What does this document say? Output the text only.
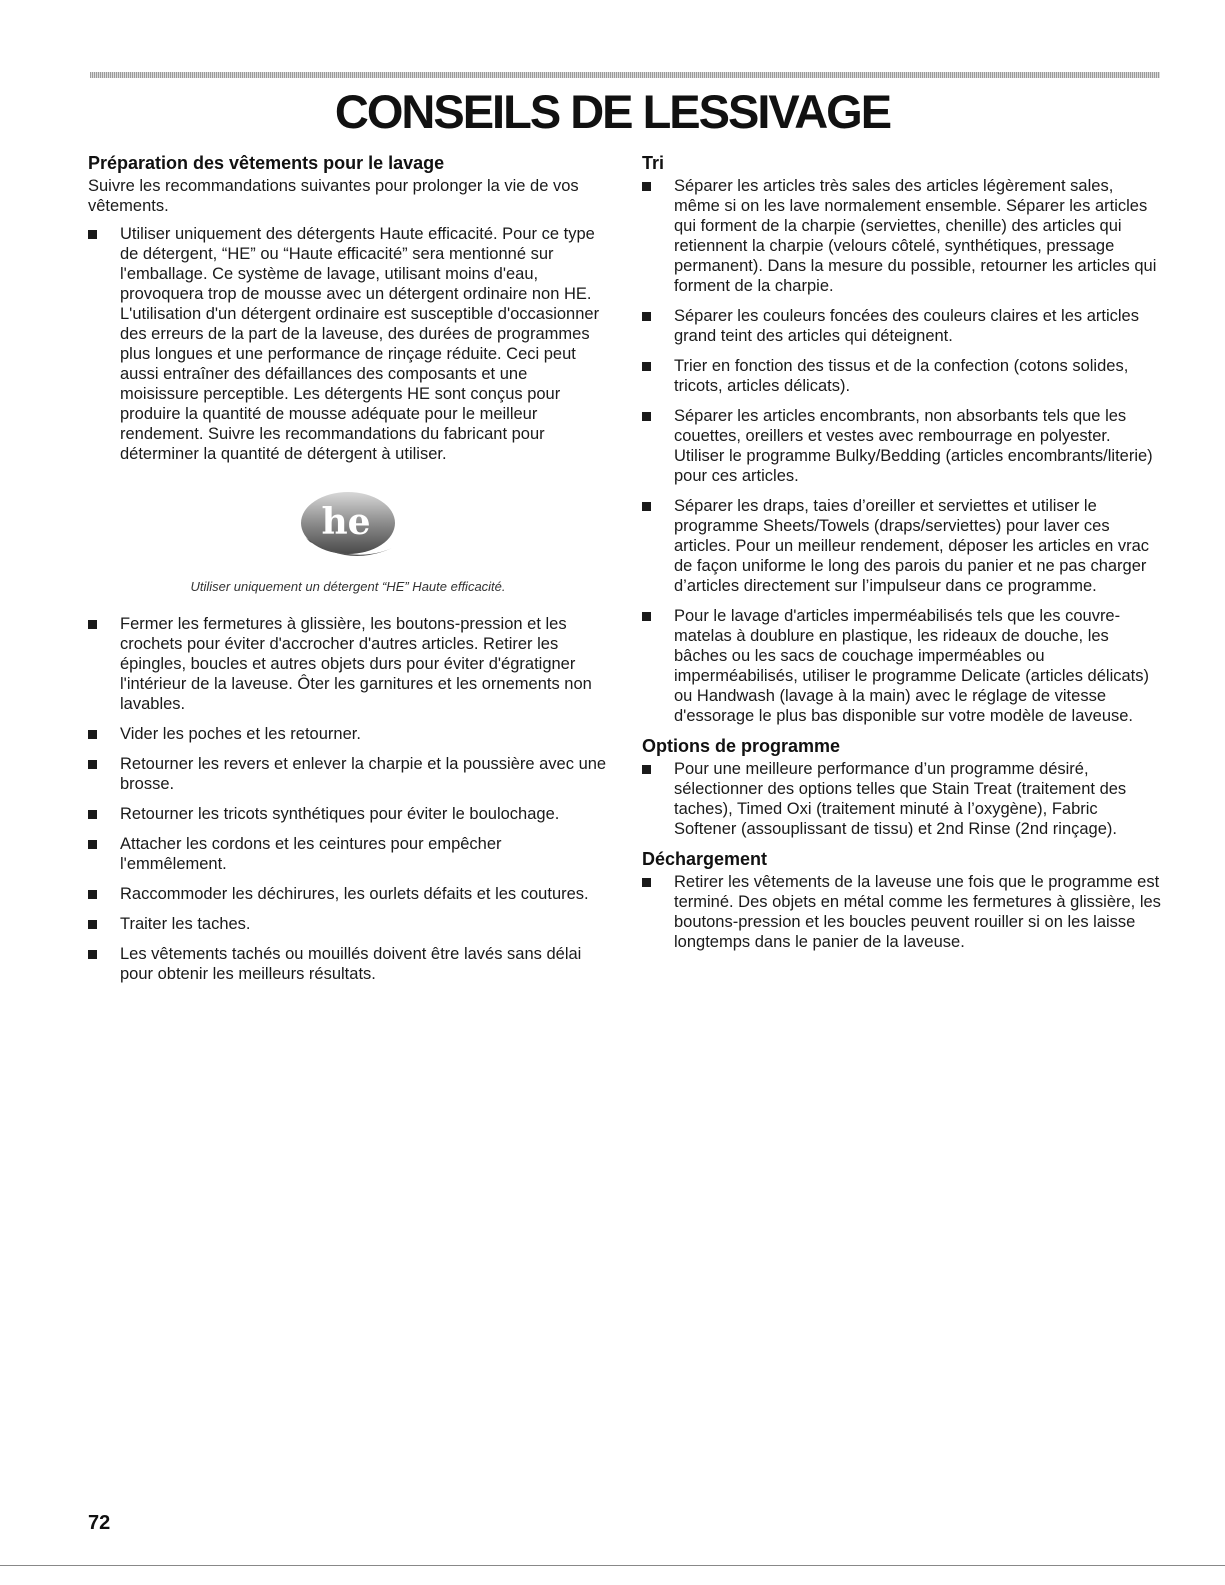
CONSEILS DE LESSIVAGE
Préparation des vêtements pour le lavage

Suivre les recommandations suivantes pour prolonger la vie de vos vêtements.

Utiliser uniquement des détergents Haute efficacité. Pour ce type de détergent, “HE” ou “Haute efficacité” sera mentionné sur l'emballage. Ce système de lavage, utilisant moins d'eau, provoquera trop de mousse avec un détergent ordinaire non HE. L'utilisation d'un détergent ordinaire est susceptible d'occasionner des erreurs de la part de la laveuse, des durées de programmes plus longues et une performance de rinçage réduite. Ceci peut aussi entraîner des défaillances des composants et une moisissure perceptible. Les détergents HE sont conçus pour produire la quantité de mousse adéquate pour le meilleur rendement. Suivre les recommandations du fabricant pour déterminer la quantité de détergent à utiliser.
he

Utiliser uniquement un détergent “HE” Haute efficacité.

Fermer les fermetures à glissière, les boutons-pression et les crochets pour éviter d'accrocher d'autres articles. Retirer les épingles, boucles et autres objets durs pour éviter d'égratigner l'intérieur de la laveuse. Ôter les garnitures et les ornements non lavables.
Vider les poches et les retourner.
Retourner les revers et enlever la charpie et la poussière avec une brosse.
Retourner les tricots synthétiques pour éviter le boulochage.
Attacher les cordons et les ceintures pour empêcher l'emmêlement.
Raccommoder les déchirures, les ourlets défaits et les coutures.
Traiter les taches.
Les vêtements tachés ou mouillés doivent être lavés sans délai pour obtenir les meilleurs résultats.
Tri
Séparer les articles très sales des articles légèrement sales, même si on les lave normalement ensemble. Séparer les articles qui forment de la charpie (serviettes, chenille) des articles qui retiennent la charpie (velours côtelé, synthétiques, pressage permanent). Dans la mesure du possible, retourner les articles qui forment de la charpie.
Séparer les couleurs foncées des couleurs claires et les articles grand teint des articles qui déteignent.
Trier en fonction des tissus et de la confection (cotons solides, tricots, articles délicats).
Séparer les articles encombrants, non absorbants tels que les couettes, oreillers et vestes avec rembourrage en polyester. Utiliser le programme Bulky/Bedding (articles encombrants/literie) pour ces articles.
Séparer les draps, taies d’oreiller et serviettes et utiliser le programme Sheets/Towels (draps/serviettes) pour laver ces articles. Pour un meilleur rendement, déposer les articles en vrac de façon uniforme le long des parois du panier et ne pas charger d’articles directement sur l’impulseur dans ce programme.
Pour le lavage d'articles imperméabilisés tels que les couvre-matelas à doublure en plastique, les rideaux de douche, les bâches ou les sacs de couchage imperméables ou imperméabilisés, utiliser le programme Delicate (articles délicats) ou Handwash (lavage à la main) avec le réglage de vitesse d'essorage le plus bas disponible sur votre modèle de laveuse.
Options de programme
Pour une meilleure performance d’un programme désiré, sélectionner des options telles que Stain Treat (traitement des taches), Timed Oxi (traitement minuté à l’oxygène), Fabric Softener (assouplissant de tissu) et 2nd Rinse (2nd rinçage).
Déchargement
Retirer les vêtements de la laveuse une fois que le programme est terminé. Des objets en métal comme les fermetures à glissière, les boutons-pression et les boucles peuvent rouiller si on les laisse longtemps dans le panier de la laveuse.
72
